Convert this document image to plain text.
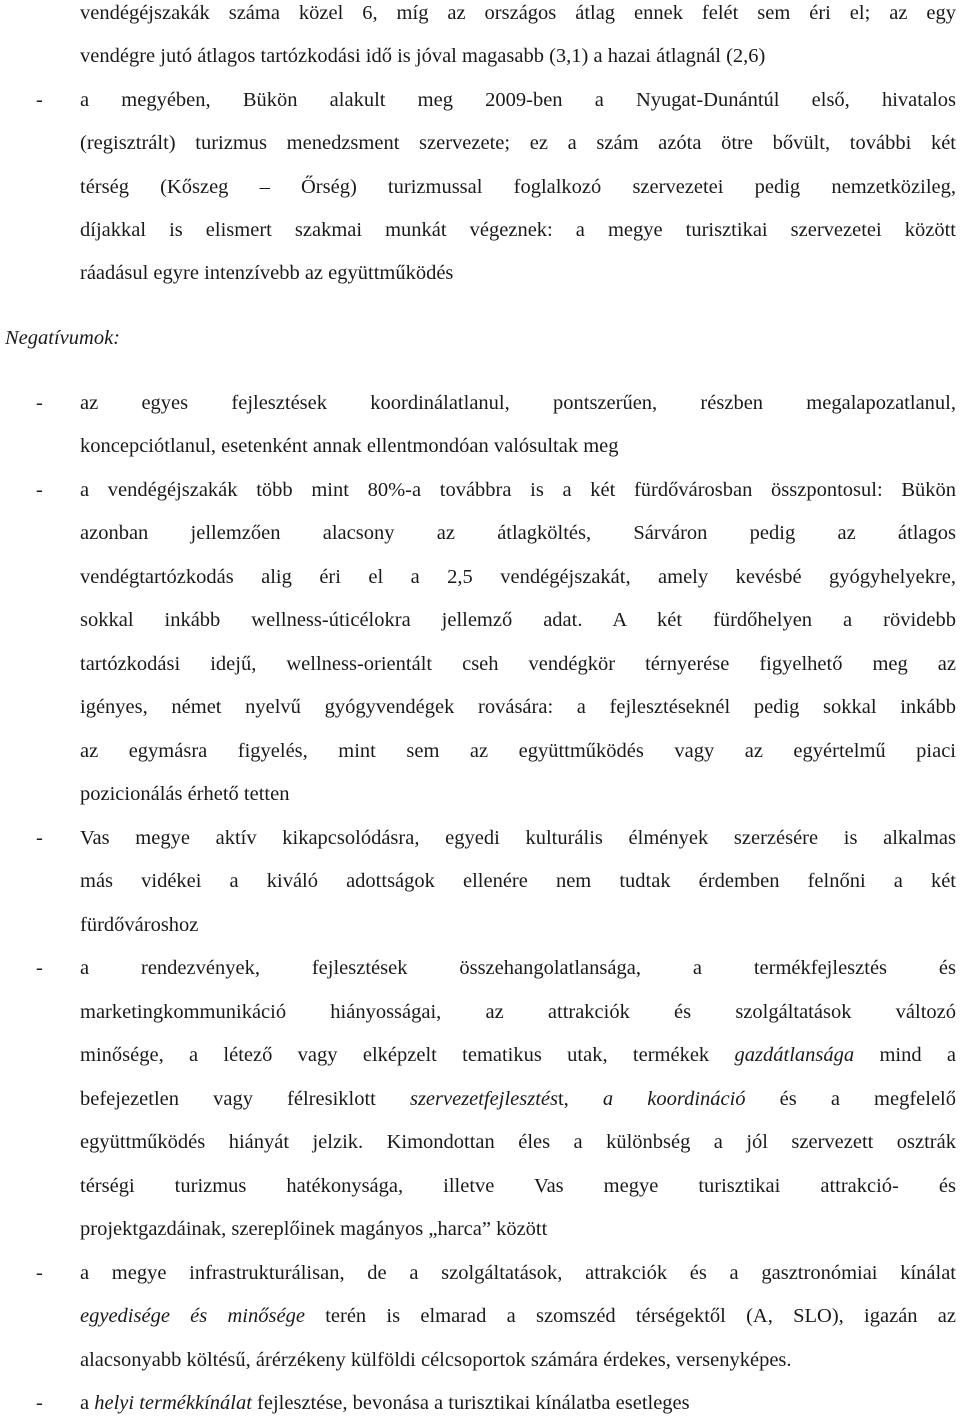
vendégéjszakák száma közel 6, míg az országos átlag ennek felét sem éri el; az egy
vendégre jutó átlagos tartózkodási idő is jóval magasabb (3,1) a hazai átlagnál (2,6)
-	a megyében, Bükön alakult meg 2009-ben a Nyugat-Dunántúl első, hivatalos
(regisztrált) turizmus menedzsment szervezete; ez a szám azóta ötre bővült, további két
térség (Kőszeg – Őrség) turizmussal foglalkozó szervezetei pedig nemzetközileg,
díjakkal is elismert szakmai munkát végeznek: a megye turisztikai szervezetei között
ráadásul egyre intenzívebb az együttműködés
Negatívumok:
-	az egyes fejlesztések koordinálatlanul, pontszerűen, részben megalapozatlanul,
koncepciótlanul, esetenként annak ellentmondóan valósultak meg
-	a vendégéjszakák több mint 80%-a továbbra is a két fürdővárosban összpontosul: Bükön
azonban jellemzően alacsony az átlagköltés, Sárváron pedig az átlagos
vendégtartózkodás alig éri el a 2,5 vendégéjszakát, amely kevésbé gyógyhelyekre,
sokkal inkább wellness-úticélokra jellemző adat. A két fürdőhelyen a rövidebb
tartózkodási idejű, wellness-orientált cseh vendégkör térnyerése figyelhető meg az
igényes, német nyelvű gyógyvendégek rovására: a fejlesztéseknél pedig sokkal inkább
az egymásra figyelés, mint sem az együttműködés vagy az egyértelmű piaci
pozicionálás érhető tetten
-	Vas megye aktív kikapcsolódásra, egyedi kulturális élmények szerzésére is alkalmas
más vidékei a kiváló adottságok ellenére nem tudtak érdemben felnőni a két
fürdővároshoz
-	a rendezvények, fejlesztések összehangolatlansága, a termékfejlesztés és
marketingkommunikáció hiányosságai, az attrakciók és szolgáltatások változó
minősége, a létező vagy elképzelt tematikus utak, termékek gazdátlansága mind a
befejezetlen vagy félresiklott szervezetfejlesztést, a koordináció és a megfelelő
együttműködés hiányát jelzik. Kimondottan éles a különbség a jól szervezett osztrák
térségi turizmus hatékonysága, illetve Vas megye turisztikai attrakció- és
projektgazdáinak, szereplőinek magányos „harca” között
-	a megye infrastrukturálisan, de a szolgáltatások, attrakciók és a gasztronómiai kínálat
egyedisége és minősége terén is elmarad a szomszéd térségektől (A, SLO), igazán az
alacsonyabb költésű, árérzékeny külföldi célcsoportok számára érdekes, versenyképes.
-	a helyi termékkínálat fejlesztése, bevonása a turisztikai kínálatba esetleges
